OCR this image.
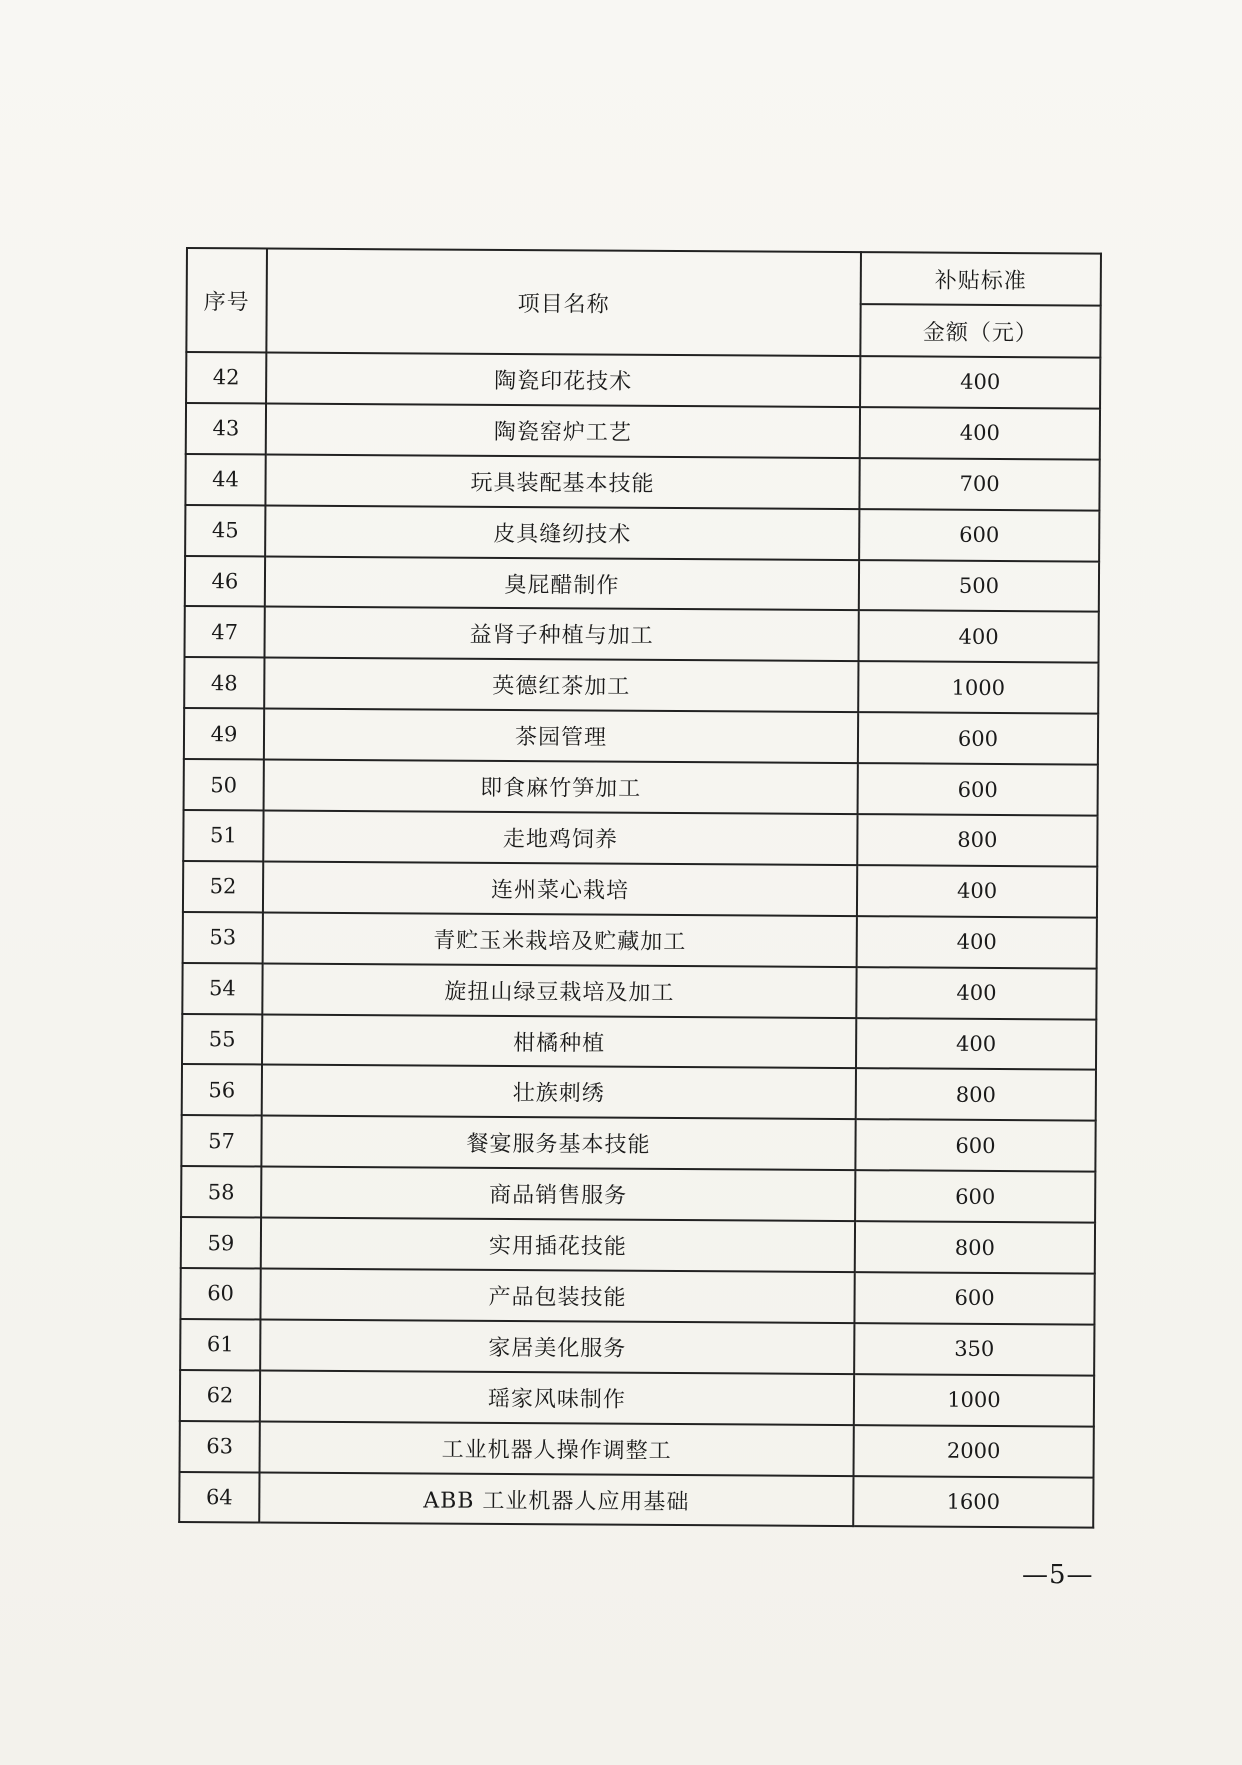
序号	项目名称	补贴标准
		金额（元）
42	陶瓷印花技术	400
43	陶瓷窑炉工艺	400
44	玩具装配基本技能	700
45	皮具缝纫技术	600
46	臭屁醋制作	500
47	益肾子种植与加工	400
48	英德红茶加工	1000
49	茶园管理	600
50	即食麻竹笋加工	600
51	走地鸡饲养	800
52	连州菜心栽培	400
53	青贮玉米栽培及贮藏加工	400
54	旋扭山绿豆栽培及加工	400
55	柑橘种植	400
56	壮族刺绣	800
57	餐宴服务基本技能	600
58	商品销售服务	600
59	实用插花技能	800
60	产品包装技能	600
61	家居美化服务	350
62	瑶家风味制作	1000
63	工业机器人操作调整工	2000
64	ABB 工业机器人应用基础	1600
—5—
